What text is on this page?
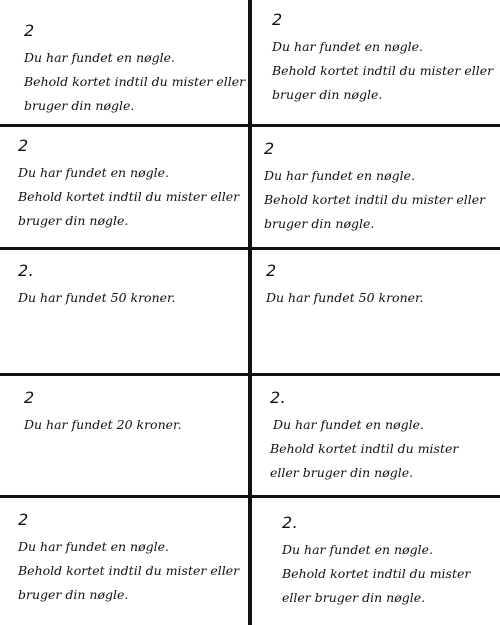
2

Du har fundet en nøgle.

Behold kortet indtil du mister eller

bruger din nøgle.

2

Du har fundet en nøgle.

Behold kortet indtil du mister eller

bruger din nøgle.

2

Du har fundet en nøgle.

Behold kortet indtil du mister eller

bruger din nøgle.

2

Du har fundet en nøgle.

Behold kortet indtil du mister eller

bruger din nøgle.

2.

Du har fundet 50 kroner.

2

Du har fundet 50 kroner.

2

Du har fundet 20 kroner.

2.

Du har fundet en nøgle.

Behold kortet indtil du mister

eller bruger din nøgle.

2

Du har fundet en nøgle.

Behold kortet indtil du mister eller

bruger din nøgle.

2.

Du har fundet en nøgle.

Behold kortet indtil du mister

eller bruger din nøgle.
